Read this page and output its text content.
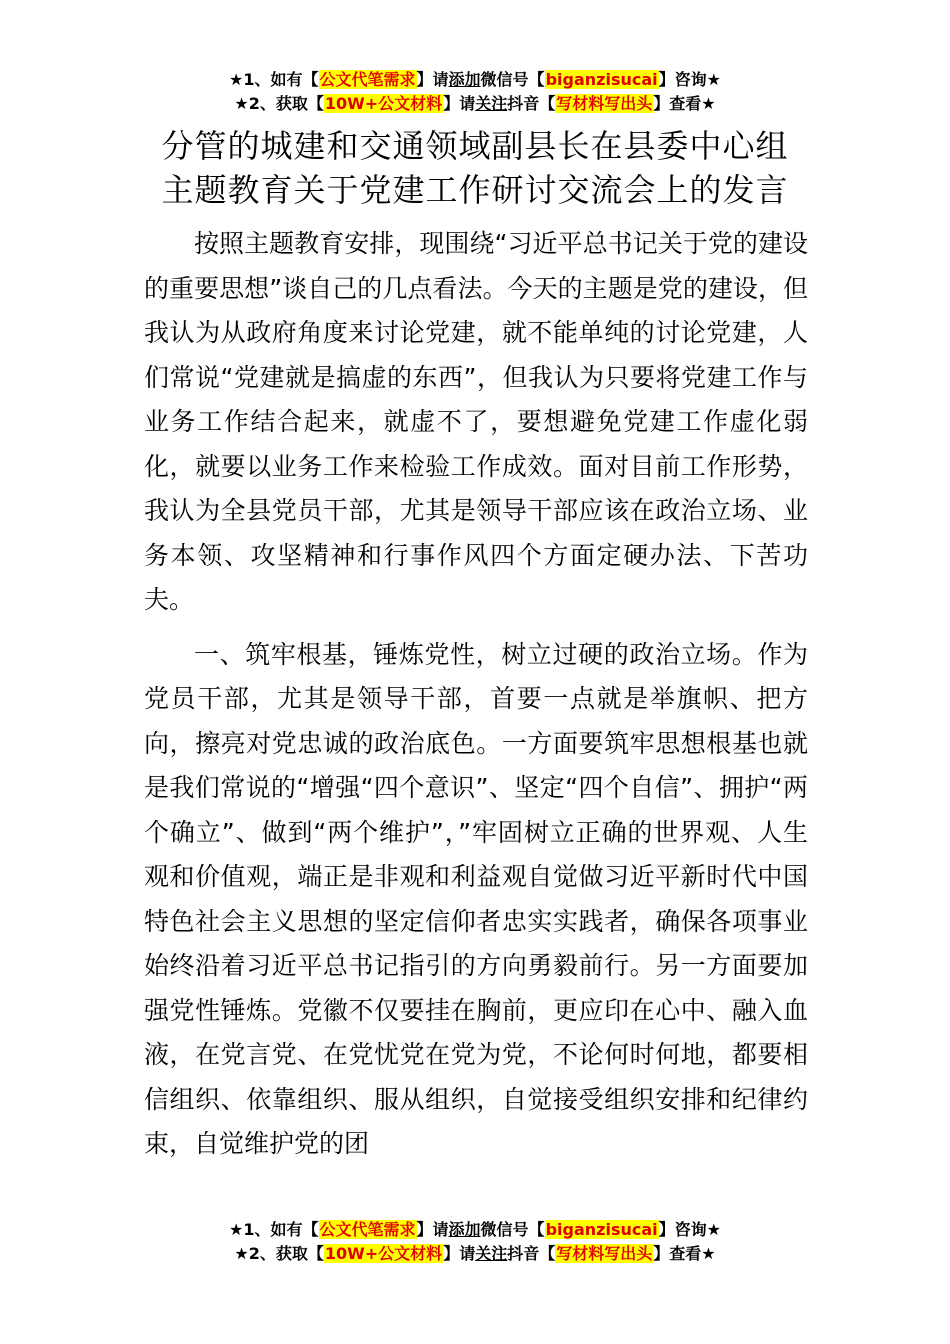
★1、如有【公文代笔需求】请添加微信号【biganzisucai】咨询★
★2、获取【10W+公文材料】请关注抖音【写材料写出头】查看★
分管的城建和交通领域副县长在县委中心组
主题教育关于党建工作研讨交流会上的发言

按照主题教育安排，现围绕“习近平总书记关于党的建设的重要思想”谈自己的几点看法。今天的主题是党的建设，但我认为从政府角度来讨论党建，就不能单纯的讨论党建，人们常说“党建就是搞虚的东西”，但我认为只要将党建工作与业务工作结合起来，就虚不了，要想避免党建工作虚化弱化，就要以业务工作来检验工作成效。面对目前工作形势，我认为全县党员干部，尤其是领导干部应该在政治立场、业务本领、攻坚精神和行事作风四个方面定硬办法、下苦功夫。

一、筑牢根基，锤炼党性，树立过硬的政治立场。作为党员干部，尤其是领导干部，首要一点就是举旗帜、把方向，擦亮对党忠诚的政治底色。一方面要筑牢思想根基也就是我们常说的“增强“四个意识”、坚定“四个自信”、拥护“两个确立”、做到“两个维护”，”牢固树立正确的世界观、人生观和价值观，端正是非观和利益观自觉做习近平新时代中国特色社会主义思想的坚定信仰者忠实实践者，确保各项事业始终沿着习近平总书记指引的方向勇毅前行。另一方面要加强党性锤炼。党徽不仅要挂在胸前，更应印在心中、融入血液，在党言党、在党忧党在党为党，不论何时何地，都要相信组织、依靠组织、服从组织，自觉接受组织安排和纪律约束，自觉维护党的团

★1、如有【公文代笔需求】请添加微信号【biganzisucai】咨询★
★2、获取【10W+公文材料】请关注抖音【写材料写出头】查看★
